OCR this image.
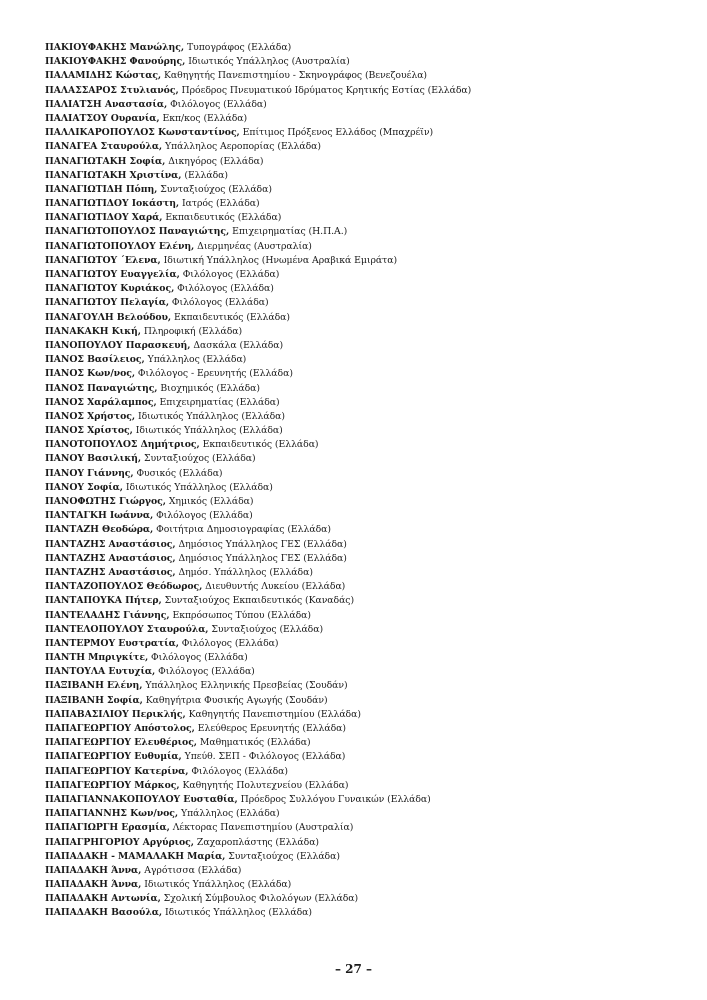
ΠΑΚΙΟΥΦΑΚΗΣ Μανώλης, Τυπογράφος (Ελλάδα)
ΠΑΚΙΟΥΦΑΚΗΣ Φανούρης, Ιδιωτικός Υπάλληλος (Αυστραλία)
ΠΑΛΑΜΙΔΗΣ Κώστας, Καθηγητής Πανεπιστημίου - Σκηνογράφος (Βενεζουέλα)
ΠΑΛΑΣΣΑΡΟΣ Στυλιανός, Πρόεδρος Πνευματικού Ιδρύματος Κρητικής Εστίας (Ελλάδα)
ΠΑΛΙΑΤΣΗ Αναστασία, Φιλόλογος (Ελλάδα)
ΠΑΛΙΑΤΣΟΥ Ουρανία, Εκπ/κος (Ελλάδα)
ΠΑΛΛΙΚΑΡΟΠΟΥΛΟΣ Κωνσταντίνος, Επίτιμος Πρόξενος Ελλάδος (Μπαχρέϊν)
ΠΑΝΑΓΕΑ Σταυρούλα, Υπάλληλος Αεροπορίας (Ελλάδα)
ΠΑΝΑΓΙΩΤΑΚΗ Σοφία, Δικηγόρος (Ελλάδα)
ΠΑΝΑΓΙΩΤΑΚΗ Χριστίνα, (Ελλάδα)
ΠΑΝΑΓΙΩΤΙΔΗ Πόπη, Συνταξιούχος (Ελλάδα)
ΠΑΝΑΓΙΩΤΙΔΟΥ Ιοκάστη, Ιατρός (Ελλάδα)
ΠΑΝΑΓΙΩΤΙΔΟΥ Χαρά, Εκπαιδευτικός (Ελλάδα)
ΠΑΝΑΓΙΩΤΟΠΟΥΛΟΣ Παναγιώτης, Επιχειρηματίας (Η.Π.Α.)
ΠΑΝΑΓΙΩΤΟΠΟΥΛΟΥ Ελένη, Διερμηνέας (Αυστραλία)
ΠΑΝΑΓΙΩΤΟΥ ΄Ελενα, Ιδιωτική Υπάλληλος (Ηνωμένα Αραβικά Εμιράτα)
ΠΑΝΑΓΙΩΤΟΥ Ευαγγελία, Φιλόλογος (Ελλάδα)
ΠΑΝΑΓΙΩΤΟΥ Κυριάκος, Φιλόλογος (Ελλάδα)
ΠΑΝΑΓΙΩΤΟΥ Πελαγία, Φιλόλογος (Ελλάδα)
ΠΑΝΑΓΟΥΛΗ Βελούδου, Εκπαιδευτικός (Ελλάδα)
ΠΑΝΑΚΑΚΗ Κική, Πληροφική (Ελλάδα)
ΠΑΝΟΠΟΥΛΟΥ Παρασκευή, Δασκάλα (Ελλάδα)
ΠΑΝΟΣ Βασίλειος, Υπάλληλος (Ελλάδα)
ΠΑΝΟΣ Κων/νος, Φιλόλογος - Ερευνητής (Ελλάδα)
ΠΑΝΟΣ Παναγιώτης, Βιοχημικός (Ελλάδα)
ΠΑΝΟΣ Χαράλαμπος, Επιχειρηματίας (Ελλάδα)
ΠΑΝΟΣ Χρήστος, Ιδιωτικός Υπάλληλος (Ελλάδα)
ΠΑΝΟΣ Χρίστος, Ιδιωτικός Υπάλληλος (Ελλάδα)
ΠΑΝΟΤΟΠΟΥΛΟΣ Δημήτριος, Εκπαιδευτικός (Ελλάδα)
ΠΑΝΟΥ Βασιλική, Συνταξιούχος (Ελλάδα)
ΠΑΝΟΥ Γιάννης, Φυσικός (Ελλάδα)
ΠΑΝΟΥ Σοφία, Ιδιωτικός Υπάλληλος (Ελλάδα)
ΠΑΝΟΦΩΤΗΣ Γιώργος, Χημικός (Ελλάδα)
ΠΑΝΤΑΓΚΗ Ιωάννα, Φιλόλογος (Ελλάδα)
ΠΑΝΤΑΖΗ Θεοδώρα, Φοιτήτρια Δημοσιογραφίας (Ελλάδα)
ΠΑΝΤΑΖΗΣ Αναστάσιος, Δημόσιος Υπάλληλος ΓΕΣ (Ελλάδα)
ΠΑΝΤΑΖΗΣ Αναστάσιος, Δημόσιος Υπάλληλος ΓΕΣ (Ελλάδα)
ΠΑΝΤΑΖΗΣ Αναστάσιος, Δημόσ. Υπάλληλος (Ελλάδα)
ΠΑΝΤΑΖΟΠΟΥΛΟΣ Θεόδωρος, Διευθυντής Λυκείου (Ελλάδα)
ΠΑΝΤΑΠΟΥΚΑ Πήτερ, Συνταξιούχος Εκπαιδευτικός (Καναδάς)
ΠΑΝΤΕΛΑΔΗΣ Γιάννης, Εκπρόσωπος Τύπου (Ελλάδα)
ΠΑΝΤΕΛΟΠΟΥΛΟΥ Σταυρούλα, Συνταξιούχος (Ελλάδα)
ΠΑΝΤΕΡΜΟΥ Ευστρατία, Φιλόλογος (Ελλάδα)
ΠΑΝΤΗ Μπριγκίτε, Φιλόλογος (Ελλάδα)
ΠΑΝΤΟΥΛΑ Ευτυχία, Φιλόλογος (Ελλάδα)
ΠΑΞΙΒΑΝΗ Ελένη, Υπάλληλος Ελληνικής Πρεσβείας (Σουδάν)
ΠΑΞΙΒΑΝΗ Σοφία, Καθηγήτρια Φυσικής Αγωγής (Σουδάν)
ΠΑΠΑΒΑΣΙΛΙΟΥ Περικλής, Καθηγητής Πανεπιστημίου (Ελλάδα)
ΠΑΠΑΓΕΩΡΓΙΟΥ Απόστολος, Ελεύθερος Ερευνητής (Ελλάδα)
ΠΑΠΑΓΕΩΡΓΙΟΥ Ελευθέριος, Μαθηματικός (Ελλάδα)
ΠΑΠΑΓΕΩΡΓΙΟΥ Ευθυμία, Υπεύθ. ΣΕΠ - Φιλόλογος (Ελλάδα)
ΠΑΠΑΓΕΩΡΓΙΟΥ Κατερίνα, Φιλόλογος (Ελλάδα)
ΠΑΠΑΓΕΩΡΓΙΟΥ Μάρκος, Καθηγητής Πολυτεχνείου (Ελλάδα)
ΠΑΠΑΓΙΑΝΝΑΚΟΠΟΥΛΟΥ Ευσταθία, Πρόεδρος Συλλόγου Γυναικών (Ελλάδα)
ΠΑΠΑΓΙΑΝΝΗΣ Κων/νος, Υπάλληλος (Ελλάδα)
ΠΑΠΑΓΙΩΡΓΗ Ερασμία, Λέκτορας Πανεπιστημίου (Αυστραλία)
ΠΑΠΑΓΡΗΓΟΡΙΟΥ Αργύριος, Ζαχαροπλάστης (Ελλάδα)
ΠΑΠΑΔΑΚΗ - ΜΑΜΑΛΑΚΗ Μαρία, Συνταξιούχος (Ελλάδα)
ΠΑΠΑΔΑΚΗ Άννα, Αγρότισσα (Ελλάδα)
ΠΑΠΑΔΑΚΗ Άννα, Ιδιωτικός Υπάλληλος (Ελλάδα)
ΠΑΠΑΔΑΚΗ Αντωνία, Σχολική Σύμβουλος Φιλολόγων (Ελλάδα)
ΠΑΠΑΔΑΚΗ Βασούλα, Ιδιωτικός Υπάλληλος (Ελλάδα)
– 27 –
